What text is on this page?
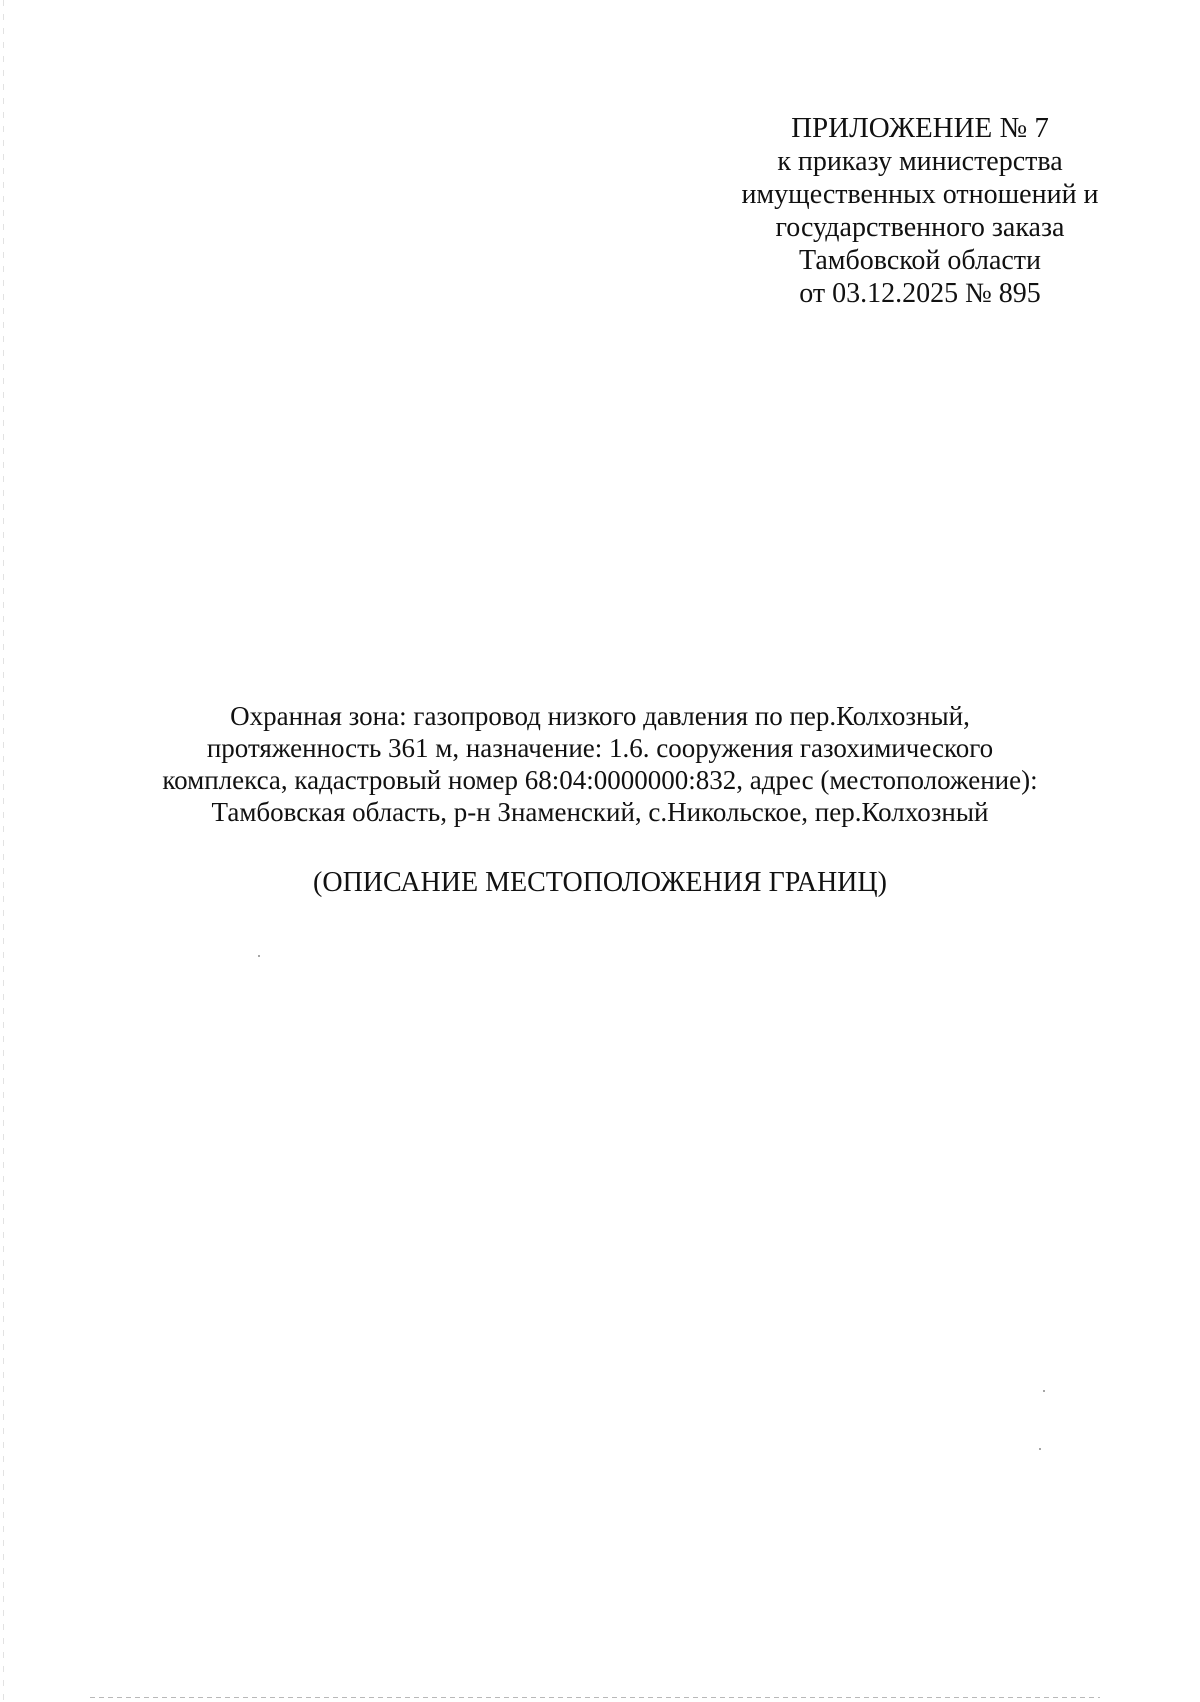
ПРИЛОЖЕНИЕ № 7
к приказу министерства
имущественных отношений и
государственного заказа
Тамбовской области
от 03.12.2025 № 895
Охранная зона: газопровод низкого давления по пер.Колхозный,
протяженность 361 м, назначение: 1.6. сооружения газохимического
комплекса, кадастровый номер 68:04:0000000:832, адрес (местоположение):
Тамбовская область, р-н Знаменский, с.Никольское, пер.Колхозный
(ОПИСАНИЕ МЕСТОПОЛОЖЕНИЯ ГРАНИЦ)
